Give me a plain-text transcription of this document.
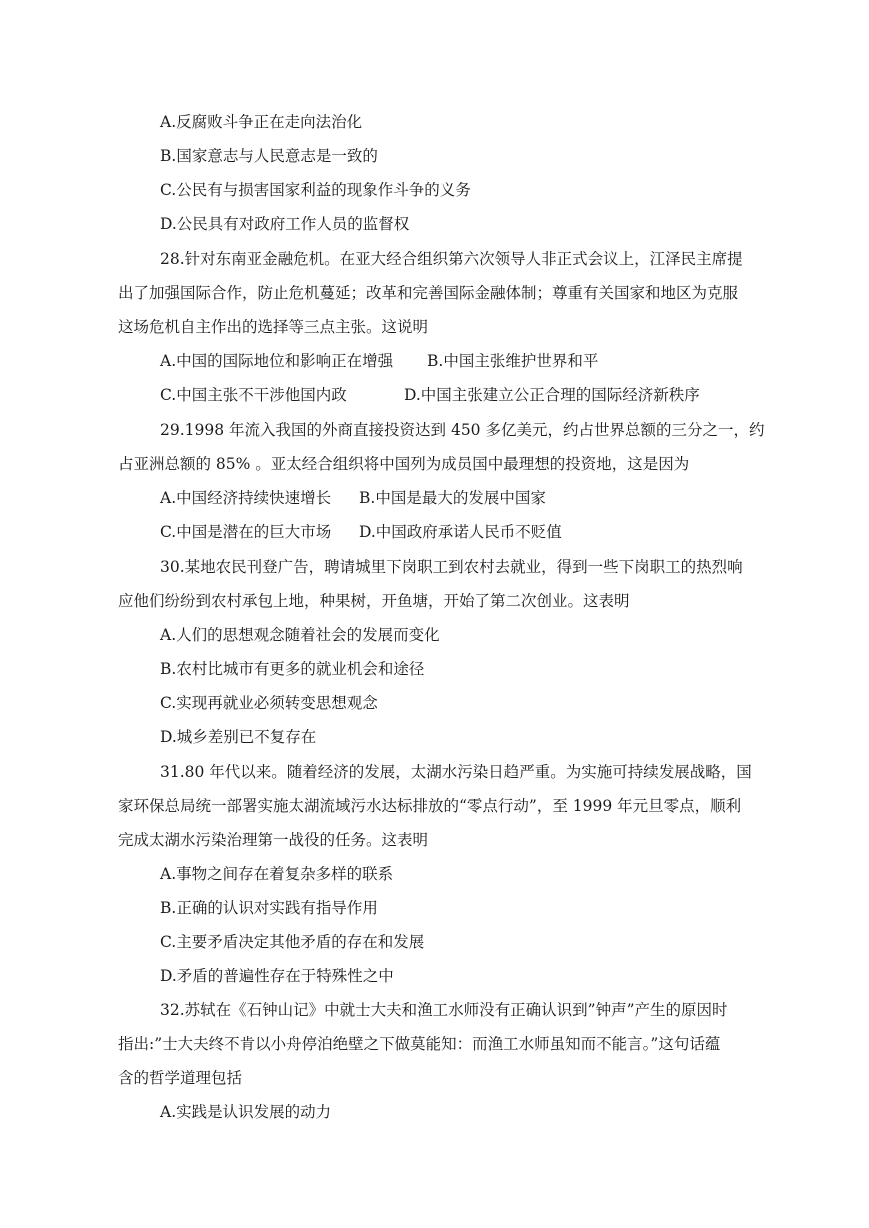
A.反腐败斗争正在走向法治化
B.国家意志与人民意志是一致的
C.公民有与损害国家利益的现象作斗争的义务
D.公民具有对政府工作人员的监督权
28.针对东南亚金融危机。在亚大经合组织第六次领导人非正式会议上，江泽民主席提
出了加强国际合作，防止危机蔓延；改革和完善国际金融体制；尊重有关国家和地区为克服
这场危机自主作出的选择等三点主张。这说明
A.中国的国际地位和影响正在增强 B.中国主张维护世界和平
C.中国主张不干涉他国内政	D.中国主张建立公正合理的国际经济新秩序
29.1998 年流入我国的外商直接投资达到 450 多亿美元，约占世界总额的三分之一，约
占亚洲总额的 85% 。亚太经合组织将中国列为成员国中最理想的投资地，这是因为
A.中国经济持续快速增长 B.中国是最大的发展中国家
C.中国是潜在的巨大市场 D.中国政府承诺人民币不贬值
30.某地农民刊登广告，聘请城里下岗职工到农村去就业，得到一些下岗职工的热烈响
应他们纷纷到农村承包上地，种果树，开鱼塘，开始了第二次创业。这表明
A.人们的思想观念随着社会的发展而变化
B.农村比城市有更多的就业机会和途径
C.实现再就业必须转变思想观念
D.城乡差别已不复存在
31.80 年代以来。随着经济的发展，太湖水污染日趋严重。为实施可持续发展战略，国
家环保总局统一部署实施太湖流域污水达标排放的“零点行动”，至 1999 年元旦零点，顺利
完成太湖水污染治理第一战役的任务。这表明
A.事物之间存在着复杂多样的联系
B.正确的认识对实践有指导作用
C.主要矛盾决定其他矛盾的存在和发展
D.矛盾的普遍性存在于特殊性之中
32.苏轼在《石钟山记》中就士大夫和渔工水师没有正确认识到”钟声”产生的原因时
指出:”士大夫终不肯以小舟停泊绝壁之下做莫能知：而渔工水师虽知而不能言。”这句话蕴
含的哲学道理包括
A.实践是认识发展的动力
